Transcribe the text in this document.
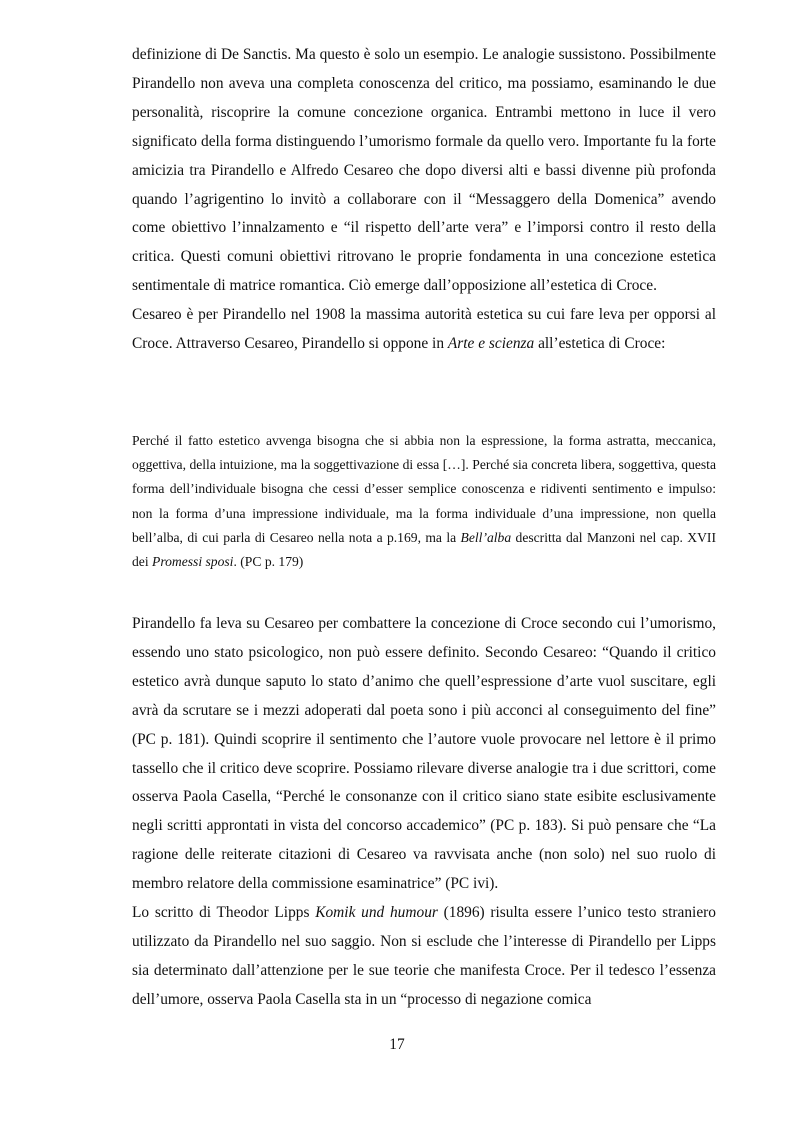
definizione di De Sanctis. Ma questo è solo un esempio. Le analogie sussistono. Possibilmente Pirandello non aveva una completa conoscenza del critico, ma possiamo, esaminando le due personalità, riscoprire la comune concezione organica. Entrambi mettono in luce il vero significato della forma distinguendo l’umorismo formale da quello vero. Importante fu la forte amicizia tra Pirandello e Alfredo Cesareo che dopo diversi alti e bassi divenne più profonda quando l’agrigentino lo invitò a collaborare con il “Messaggero della Domenica” avendo come obiettivo l’innalzamento e “il rispetto dell’arte vera” e l’imporsi contro il resto della critica. Questi comuni obiettivi ritrovano le proprie fondamenta in una concezione estetica sentimentale di matrice romantica. Ciò emerge dall’opposizione all’estetica di Croce.

Cesareo è per Pirandello nel 1908 la massima autorità estetica su cui fare leva per opporsi al Croce. Attraverso Cesareo, Pirandello si oppone in Arte e scienza all’estetica di Croce:

Perché il fatto estetico avvenga bisogna che si abbia non la espressione, la forma astratta, meccanica, oggettiva, della intuizione, ma la soggettivazione di essa […]. Perché sia concreta libera, soggettiva, questa forma dell’individuale bisogna che cessi d’esser semplice conoscenza e ridiventi sentimento e impulso: non la forma d’una impressione individuale, ma la forma individuale d’una impressione, non quella bell’alba, di cui parla di Cesareo nella nota a p.169, ma la Bell’alba descritta dal Manzoni nel cap. XVII dei Promessi sposi. (PC p. 179)

Pirandello fa leva su Cesareo per combattere la concezione di Croce secondo cui l’umorismo, essendo uno stato psicologico, non può essere definito. Secondo Cesareo: “Quando il critico estetico avrà dunque saputo lo stato d’animo che quell’espressione d’arte vuol suscitare, egli avrà da scrutare se i mezzi adoperati dal poeta sono i più acconci al conseguimento del fine” (PC p. 181). Quindi scoprire il sentimento che l’autore vuole provocare nel lettore è il primo tassello che il critico deve scoprire. Possiamo rilevare diverse analogie tra i due scrittori, come osserva Paola Casella, “Perché le consonanze con il critico siano state esibite esclusivamente negli scritti approntati in vista del concorso accademico” (PC p. 183). Si può pensare che “La ragione delle reiterate citazioni di Cesareo va ravvisata anche (non solo) nel suo ruolo di membro relatore della commissione esaminatrice” (PC ivi).

Lo scritto di Theodor Lipps Komik und humour (1896) risulta essere l’unico testo straniero utilizzato da Pirandello nel suo saggio. Non si esclude che l’interesse di Pirandello per Lipps sia determinato dall’attenzione per le sue teorie che manifesta Croce. Per il tedesco l’essenza dell’umore, osserva Paola Casella sta in un “processo di negazione comica

17
